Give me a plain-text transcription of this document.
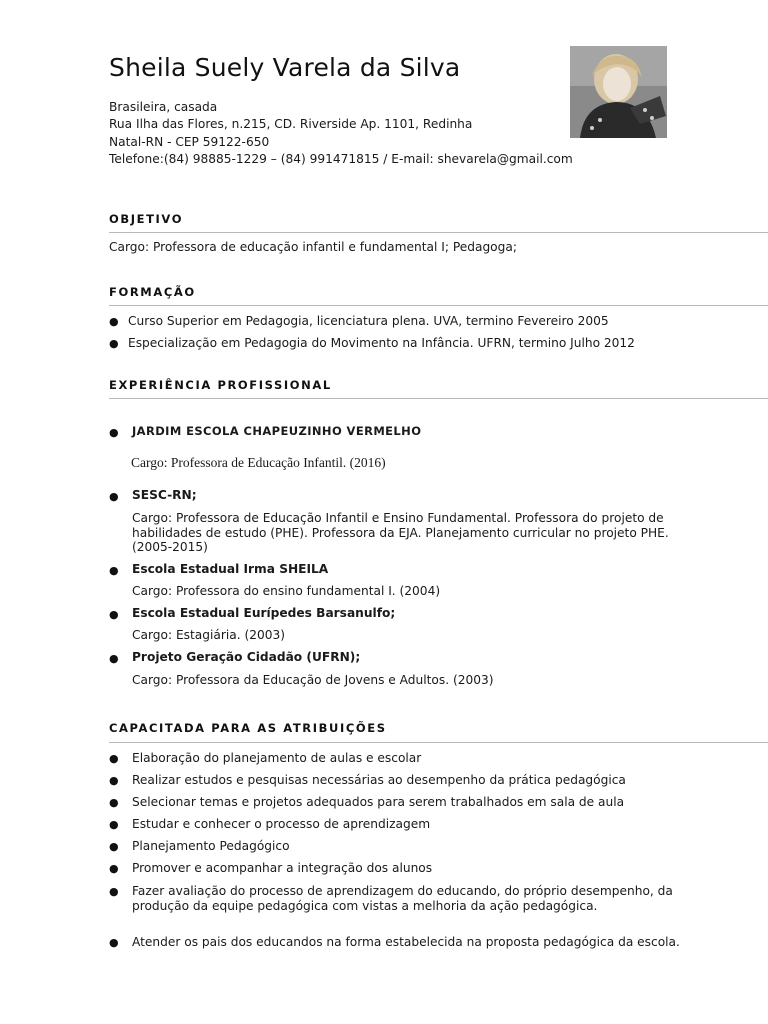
Sheila Suely Varela da Silva
Brasileira, casada
Rua Ilha das Flores, n.215, CD. Riverside Ap. 1101, Redinha
Natal-RN - CEP 59122-650
Telefone:(84) 98885-1229 – (84) 991471815 / E-mail: shevarela@gmail.com
OBJETIVO
Cargo: Professora de educação infantil e fundamental I; Pedagoga;
FORMAÇÃO
● Curso Superior em Pedagogia, licenciatura plena. UVA, termino Fevereiro 2005
● Especialização em Pedagogia do Movimento na Infância. UFRN, termino Julho 2012
EXPERIÊNCIA PROFISSIONAL
● JARDIM ESCOLA CHAPEUZINHO VERMELHO
Cargo: Professora de Educação Infantil. (2016)
● SESC-RN;
Cargo: Professora de Educação Infantil e Ensino Fundamental. Professora do projeto de habilidades de estudo (PHE). Professora da EJA. Planejamento curricular no projeto PHE. (2005-2015)
● Escola Estadual Irma SHEILA
Cargo: Professora do ensino fundamental I. (2004)
● Escola Estadual Eurípedes Barsanulfo;
Cargo: Estagiária. (2003)
● Projeto Geração Cidadão (UFRN);
Cargo: Professora da Educação de Jovens e Adultos. (2003)
CAPACITADA PARA AS ATRIBUIÇÕES
● Elaboração do planejamento de aulas e escolar
● Realizar estudos e pesquisas necessárias ao desempenho da prática pedagógica
● Selecionar temas e projetos adequados para serem trabalhados em sala de aula
● Estudar e conhecer o processo de aprendizagem
● Planejamento Pedagógico
● Promover e acompanhar a integração dos alunos
● Fazer avaliação do processo de aprendizagem do educando, do próprio desempenho, da produção da equipe pedagógica com vistas a melhoria da ação pedagógica.
● Atender os pais dos educandos na forma estabelecida na proposta pedagógica da escola.
